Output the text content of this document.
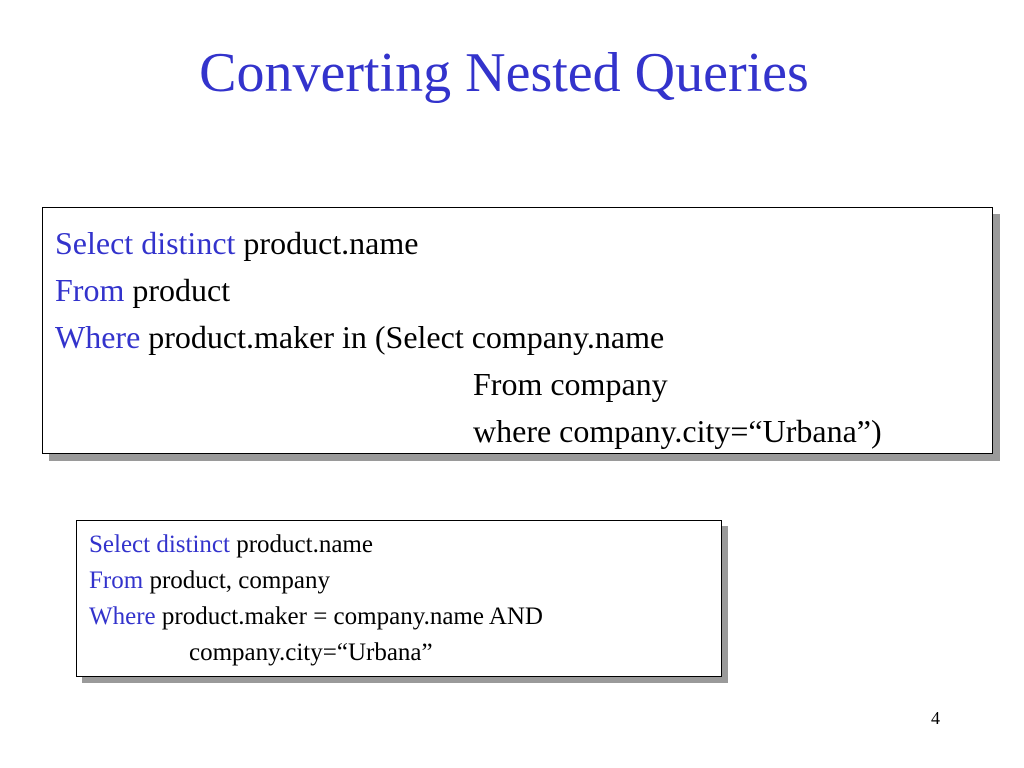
Converting Nested Queries
Select distinct product.name
From product
Where product.maker in (Select company.name
From company
where company.city=“Urbana”)
Select distinct product.name
From product, company
Where product.maker = company.name AND
company.city=“Urbana”
4
